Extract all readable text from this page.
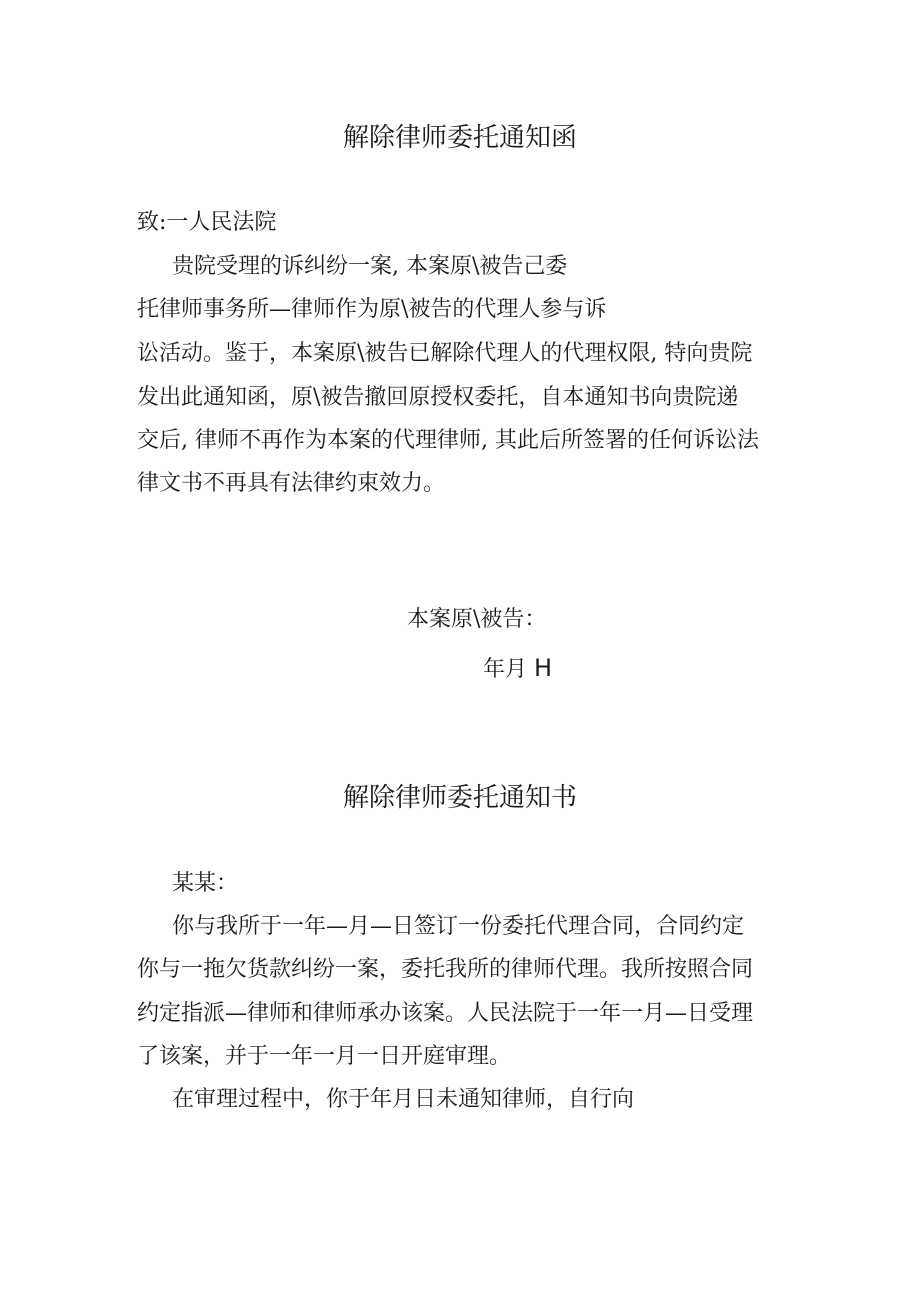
解除律师委托通知函

致:一人民法院

贵院受理的诉纠纷一案, 本案原\被告己委

托律师事务所—律师作为原\被告的代理人参与诉

讼活动。鉴于，本案原\被告已解除代理人的代理权限, 特向贵院

发出此通知函，原\被告撤回原授权委托，自本通知书向贵院递

交后, 律师不再作为本案的代理律师, 其此后所签署的任何诉讼法

律文书不再具有法律约束效力。

本案原\被告：

年月 H

解除律师委托通知书

某某：

你与我所于一年—月—日签订一份委托代理合同，合同约定

你与一拖欠货款纠纷一案，委托我所的律师代理。我所按照合同

约定指派—律师和律师承办该案。人民法院于一年一月—日受理

了该案，并于一年一月一日开庭审理。

在审理过程中，你于年月日未通知律师，自行向
